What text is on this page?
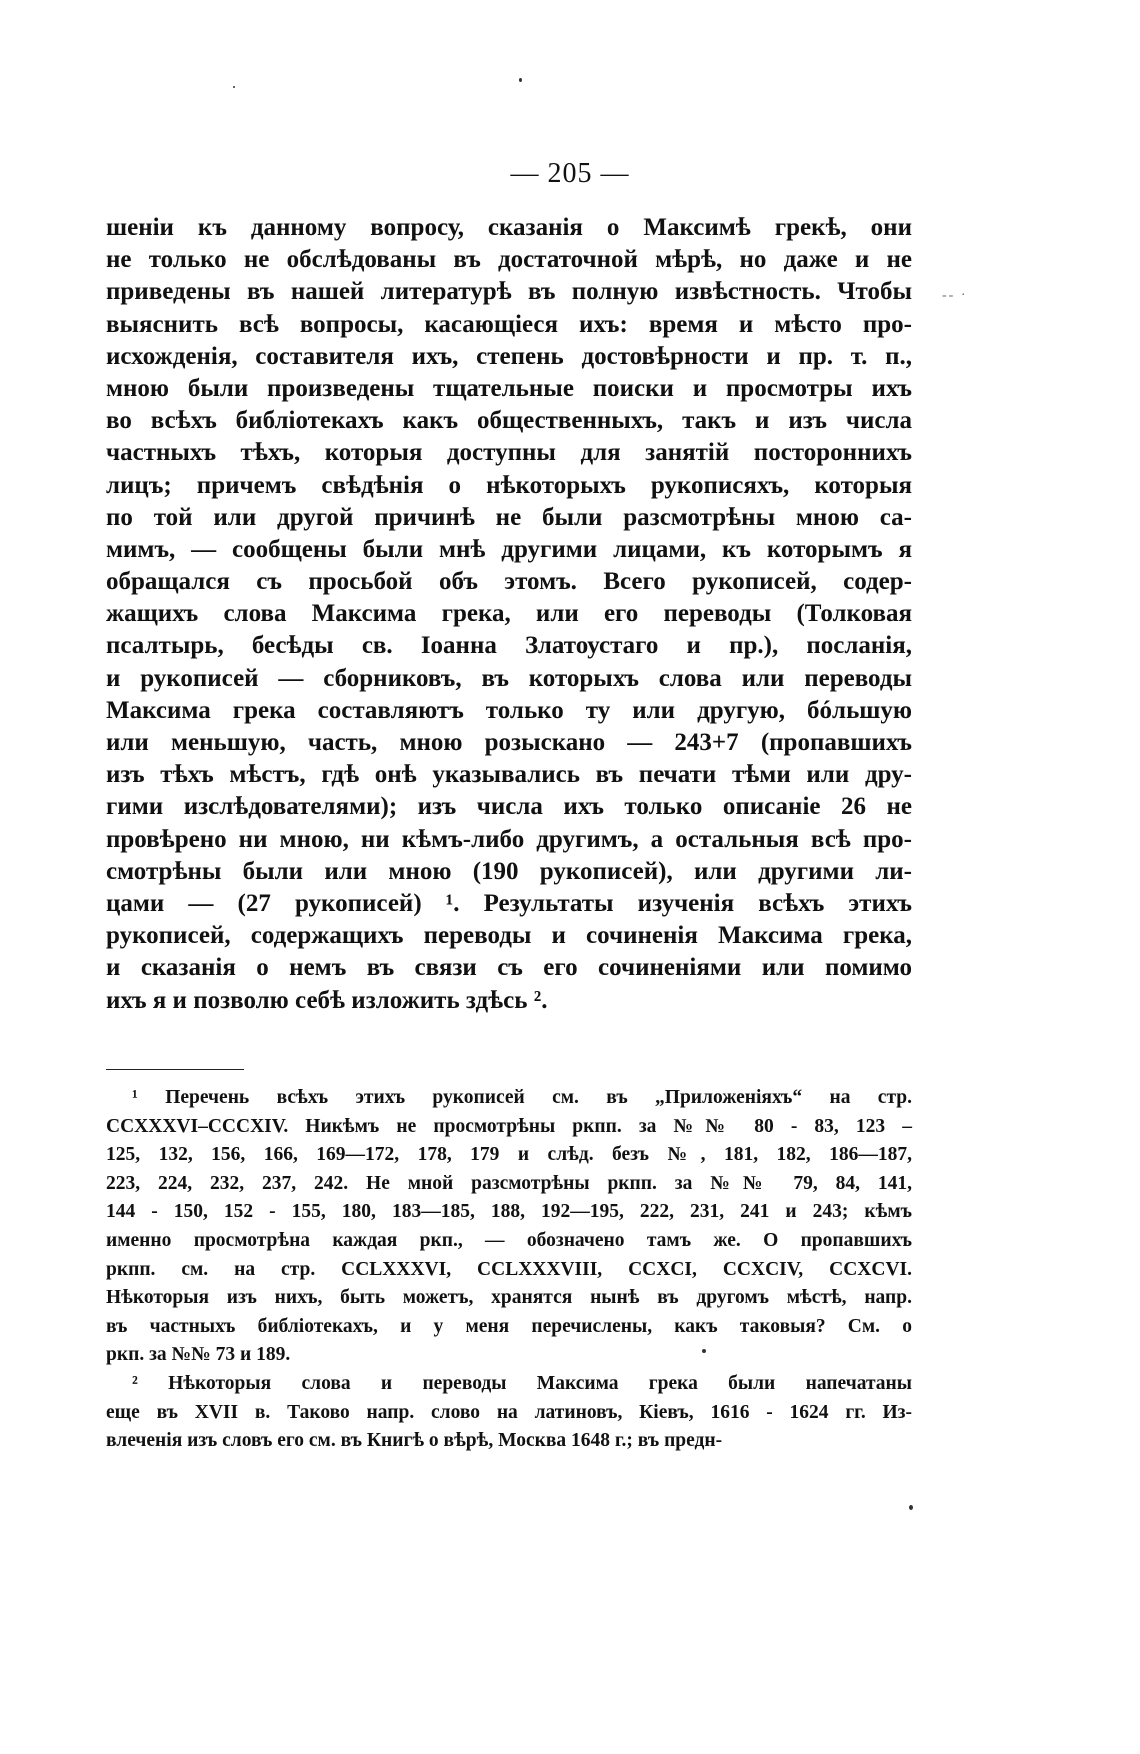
— 205 —
-- ·
шенiи къ данному вопросу, сказанiя о Максимѣ грекѣ, они
не только не обслѣдованы въ достаточной мѣрѣ, но даже и не
приведены въ нашей литературѣ въ полную извѣстность. Чтобы
выяснить всѣ вопросы, касающiеся ихъ: время и мѣсто про-
исхожденiя, составителя ихъ, степень достовѣрности и пр. т. п.,
мною были произведены тщательные поиски и просмотры ихъ
во всѣхъ библiотекахъ какъ общественныхъ, такъ и изъ числа
частныхъ тѣхъ, которыя доступны для занятiй постороннихъ
лицъ; причемъ свѣдѣнiя о нѣкоторыхъ рукописяхъ, которыя
по той или другой причинѣ не были разсмотрѣны мною са-
мимъ, — сообщены были мнѣ другими лицами, къ которымъ я
обращался съ просьбой объ этомъ. Всего рукописей, содер-
жащихъ слова Максима грека, или его переводы (Толковая
псалтырь, бесѣды св. Iоанна Златоустаго и пр.), посланiя,
и рукописей — сборниковъ, въ которыхъ слова или переводы
Максима грека составляютъ только ту или другую, бóльшую
или меньшую, часть, мною розыскано — 243+7 (пропавшихъ
изъ тѣхъ мѣстъ, гдѣ онѣ указывались въ печати тѣми или дру-
гими изслѣдователями); изъ числа ихъ только описанiе 26 не
провѣрено ни мною, ни кѣмъ-либо другимъ, а остальныя всѣ про-
смотрѣны были или мною (190 рукописей), или другими ли-
цами — (27 рукописей) ¹. Результаты изученiя всѣхъ этихъ
рукописей, содержащихъ переводы и сочиненiя Максима грека,
и сказанiя о немъ въ связи съ его сочиненiями или помимо
ихъ я и позволю себѣ изложить здѣсь ².
¹ Перечень всѣхъ этихъ рукописей см. въ „Приложенiяхъ“ на стр.
CCXXXVI–CCCXIV. Никѣмъ не просмотрѣны ркпп. за №№ 80 - 83, 123 –
125, 132, 156, 166, 169—172, 178, 179 и слѣд. безъ №, 181, 182, 186—187,
223, 224, 232, 237, 242. Не мной разсмотрѣны ркпп. за №№ 79, 84, 141,
144 - 150, 152 - 155, 180, 183—185, 188, 192—195, 222, 231, 241 и 243; кѣмъ
именно просмотрѣна каждая ркп., — обозначено тамъ же. О пропавшихъ
ркпп. см. на стр. CCLXXXVI, CCLXXXVIII, CCXCI, CCXCIV, CCXCVI.
Нѣкоторыя изъ нихъ, быть можетъ, хранятся нынѣ въ другомъ мѣстѣ, напр.
въ частныхъ библiотекахъ, и у меня перечислены, какъ таковыя? См. о
ркп. за №№ 73 и 189.
² Нѣкоторыя слова и переводы Максима грека были напечатаны
еще въ XVII в. Таково напр. слово на латиновъ, Кiевъ, 1616 - 1624 гг. Из-
влеченiя изъ словъ его см. въ Книгѣ о вѣрѣ, Москва 1648 г.; въ предн-
